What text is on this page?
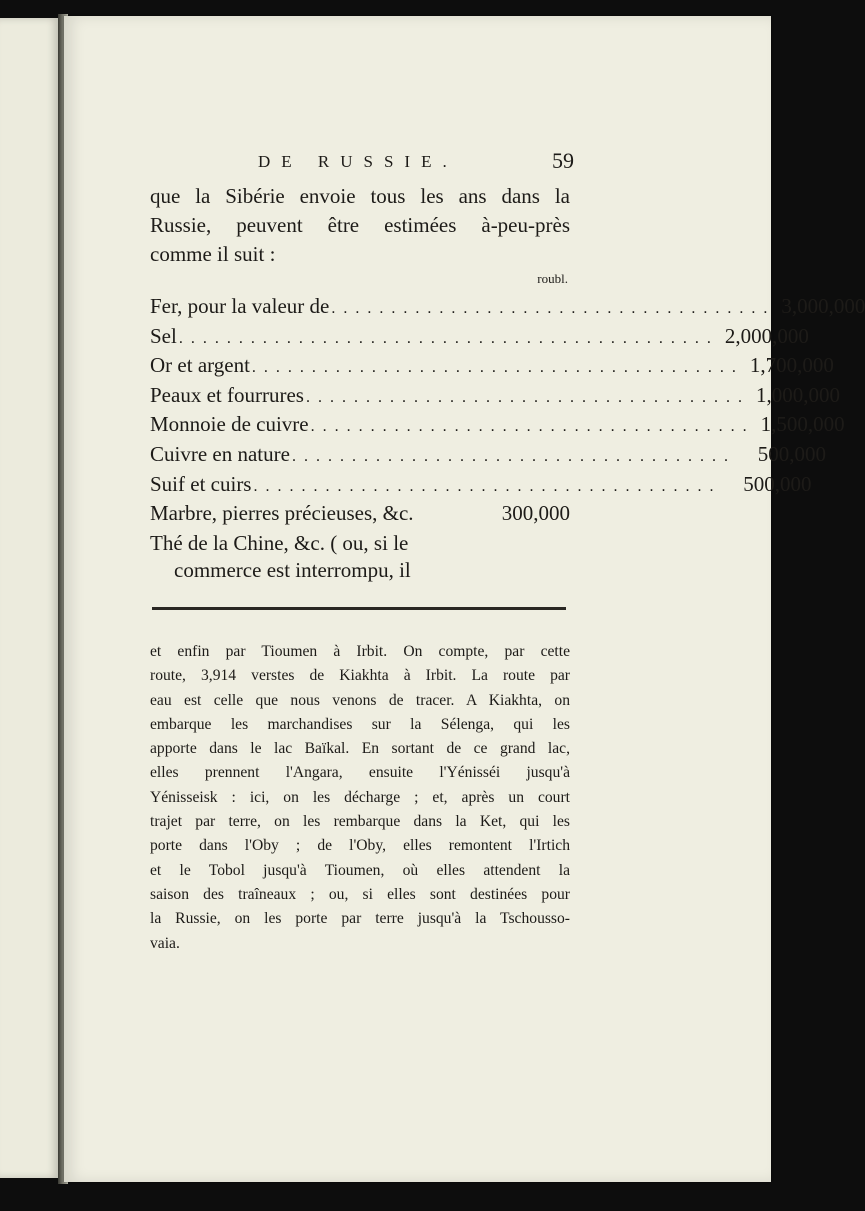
DE RUSSIE.	59
que la Sibérie envoie tous les ans dans la
Russie, peuvent être estimées à-peu-près
comme il suit :
roubl.
Fer, pour la valeur de . . . . . . . . . . . . . . . . . . . . . . . . . . . . . . . . . . . . . 3,000,000
Sel . . . . . . . . . . . . . . . . . . . . . . . . . . . . . . . . . . . . . . . . . . . . . 2,000,000
Or et argent . . . . . . . . . . . . . . . . . . . . . . . . . . . . . . . . . . . . . . . . . 1,700,000
Peaux et fourrures . . . . . . . . . . . . . . . . . . . . . . . . . . . . . . . . . . . . . 1,000,000
Monnoie de cuivre . . . . . . . . . . . . . . . . . . . . . . . . . . . . . . . . . . . . . 1,500,000
Cuivre en nature . . . . . . . . . . . . . . . . . . . . . . . . . . . . . . . . . . . . .	500,000
Suif et cuirs . . . . . . . . . . . . . . . . . . . . . . . . . . . . . . . . . . . . . . .	500,000
Marbre, pierres précieuses, &c.	300,000
Thé de la Chine, &c. ( ou, si le
commerce est interrompu, il
et enfin par Tioumen à Irbit. On compte, par cette
route, 3,914 verstes de Kiakhta à Irbit. La route par
eau est celle que nous venons de tracer. A Kiakhta, on
embarque les marchandises sur la Sélenga, qui les
apporte dans le lac Baïkal. En sortant de ce grand lac,
elles prennent l'Angara, ensuite l'Yénisséi jusqu'à
Yénisseisk : ici, on les décharge ; et, après un court
trajet par terre, on les rembarque dans la Ket, qui les
porte dans l'Oby ; de l'Oby, elles remontent l'Irtich
et le Tobol jusqu'à Tioumen, où elles attendent la
saison des traîneaux ; ou, si elles sont destinées pour
la Russie, on les porte par terre jusqu'à la Tschousso-
vaia.
